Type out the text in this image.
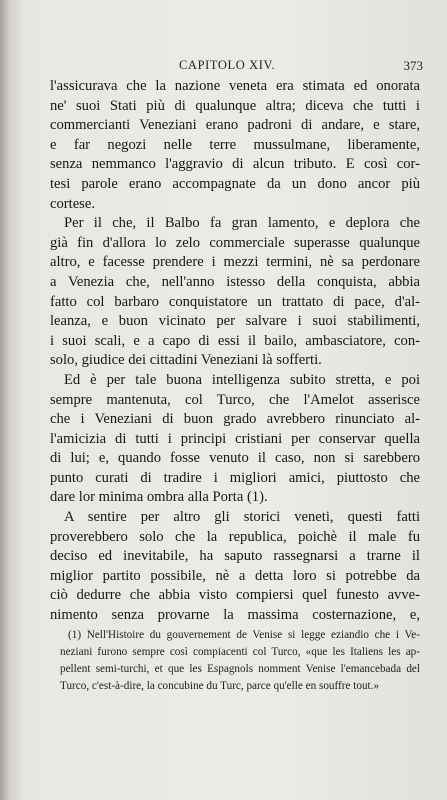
CAPITOLO XIV.	373
l'assicurava che la nazione veneta era stimata ed onorata
ne' suoi Stati più di qualunque altra; diceva che tutti i
commercianti Veneziani erano padroni di andare, e stare,
e far negozi nelle terre mussulmane, liberamente,
senza nemmanco l'aggravio di alcun tributo. E così cor-
tesi parole erano accompagnate da un dono ancor più
cortese.
Per il che, il Balbo fa gran lamento, e deplora che
già fin d'allora lo zelo commerciale superasse qualunque
altro, e facesse prendere i mezzi termini, nè sa perdonare
a Venezia che, nell'anno istesso della conquista, abbia
fatto col barbaro conquistatore un trattato di pace, d'al-
leanza, e buon vicinato per salvare i suoi stabilimenti,
i suoi scali, e a capo di essi il bailo, ambasciatore, con-
solo, giudice dei cittadini Veneziani là sofferti.
Ed è per tale buona intelligenza subito stretta, e poi
sempre mantenuta, col Turco, che l'Amelot asserisce
che i Veneziani di buon grado avrebbero rinunciato al-
l'amicizia di tutti i principi cristiani per conservar quella
di lui; e, quando fosse venuto il caso, non si sarebbero
punto curati di tradire i migliori amici, piuttosto che
dare lor minima ombra alla Porta (1).
A sentire per altro gli storici veneti, questi fatti
proverebbero solo che la republica, poichè il male fu
deciso ed inevitabile, ha saputo rassegnarsi a trarne il
miglior partito possibile, nè a detta loro si potrebbe da
ciò dedurre che abbia visto compiersi quel funesto avve-
nimento senza provarne la massima costernazione, e,
(1) Nell'Histoire du gouvernement de Venise si legge eziandio che i Ve-
neziani furono sempre così compiacenti col Turco, «que les Italiens les ap-
pellent semi-turchi, et que les Espagnols nomment Venise l'emancebada del
Turco, c'est-à-dire, la concubine du Turc, parce qu'elle en souffre tout.»
